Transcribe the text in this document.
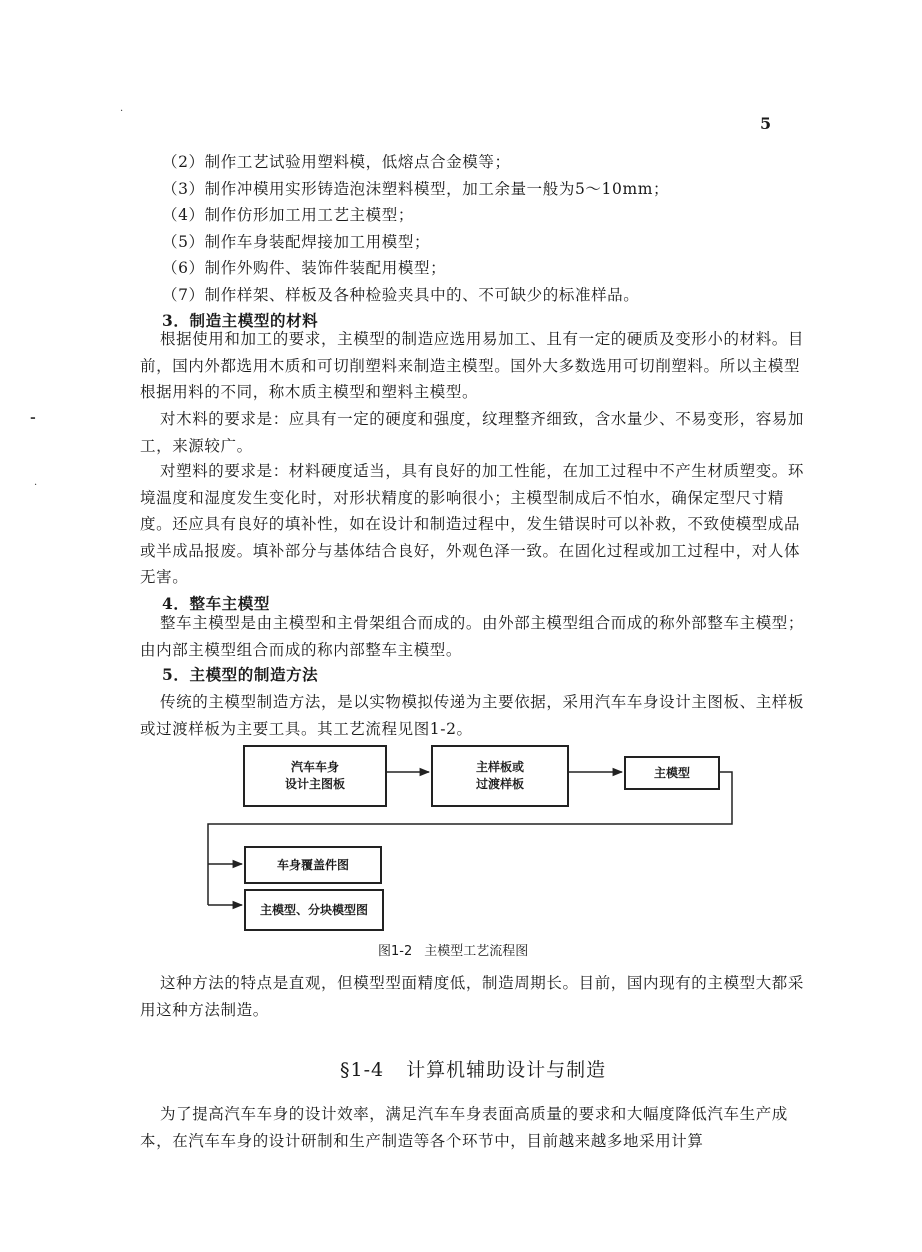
·
-
·
5
（2）制作工艺试验用塑料模，低熔点合金模等；
（3）制作冲模用实形铸造泡沫塑料模型，加工余量一般为5～10mm；
（4）制作仿形加工用工艺主模型；
（5）制作车身装配焊接加工用模型；
（6）制作外购件、装饰件装配用模型；
（7）制作样架、样板及各种检验夹具中的、不可缺少的标准样品。
3．制造主模型的材料
根据使用和加工的要求，主模型的制造应选用易加工、且有一定的硬质及变形小的材料。目前，国内外都选用木质和可切削塑料来制造主模型。国外大多数选用可切削塑料。所以主模型根据用料的不同，称木质主模型和塑料主模型。
对木料的要求是：应具有一定的硬度和强度，纹理整齐细致，含水量少、不易变形，容易加工，来源较广。
对塑料的要求是：材料硬度适当，具有良好的加工性能，在加工过程中不产生材质塑变。环境温度和湿度发生变化时，对形状精度的影响很小；主模型制成后不怕水，确保定型尺寸精度。还应具有良好的填补性，如在设计和制造过程中，发生错误时可以补救，不致使模型成品或半成品报废。填补部分与基体结合良好，外观色泽一致。在固化过程或加工过程中，对人体无害。
4．整车主模型
整车主模型是由主模型和主骨架组合而成的。由外部主模型组合而成的称外部整车主模型；由内部主模型组合而成的称内部整车主模型。
5．主模型的制造方法
传统的主模型制造方法，是以实物模拟传递为主要依据，采用汽车车身设计主图板、主样板或过渡样板为主要工具。其工艺流程见图1-2。
汽车车身
设计主图板
主样板或
过渡样板
主模型
车身覆盖件图
主模型、分块模型图
图1-2 主模型工艺流程图
这种方法的特点是直观，但模型型面精度低，制造周期长。目前，国内现有的主模型大都采用这种方法制造。
§1-4 计算机辅助设计与制造
为了提高汽车车身的设计效率，满足汽车车身表面高质量的要求和大幅度降低汽车生产成本，在汽车车身的设计研制和生产制造等各个环节中，目前越来越多地采用计算
